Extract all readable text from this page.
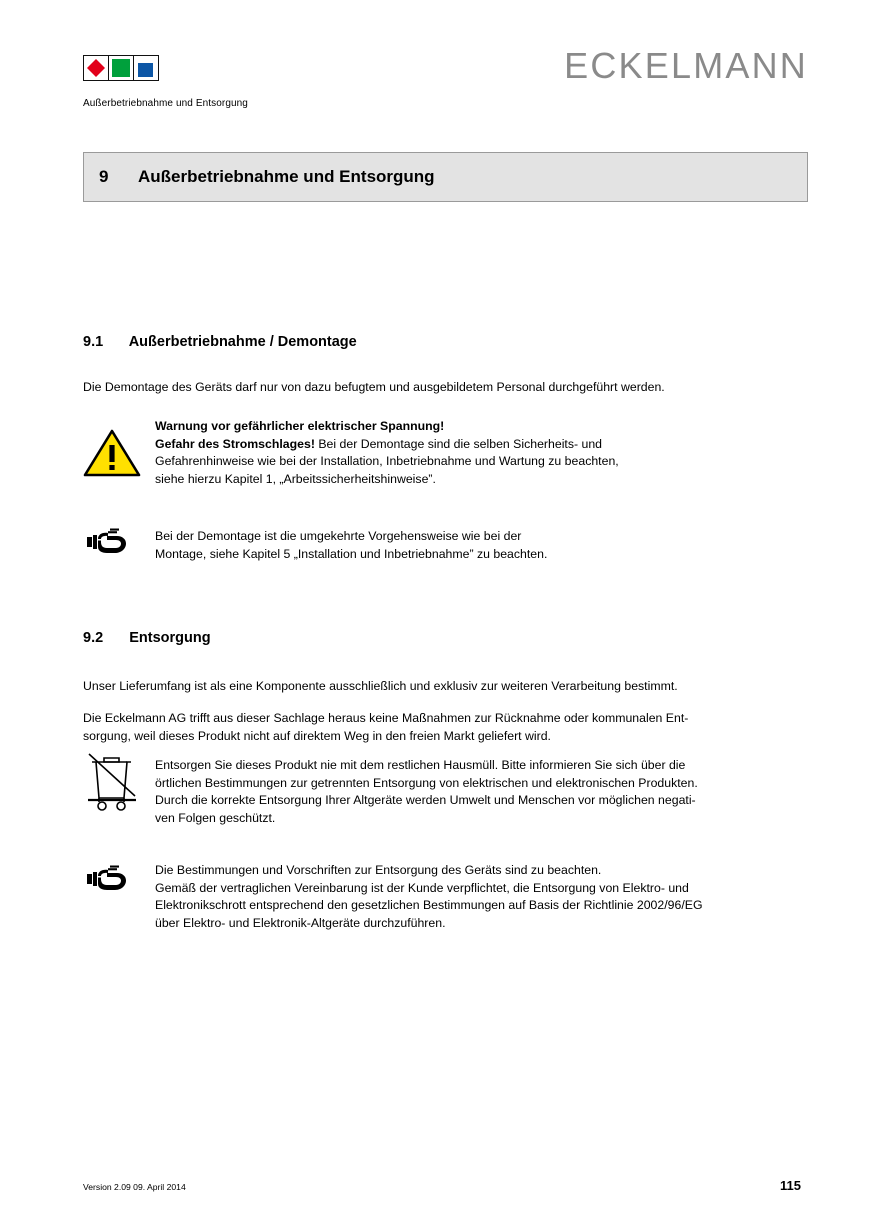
ECKELMANN
Außerbetriebnahme und Entsorgung
9 Außerbetriebnahme und Entsorgung
9.1 Außerbetriebnahme / Demontage
Die Demontage des Geräts darf nur von dazu befugtem und ausgebildetem Personal durchgeführt werden.
Warnung vor gefährlicher elektrischer Spannung!
Gefahr des Stromschlages! Bei der Demontage sind die selben Sicherheits- und
Gefahrenhinweise wie bei der Installation, Inbetriebnahme und Wartung zu beachten,
siehe hierzu Kapitel 1, „Arbeitssicherheitshinweise”.
Bei der Demontage ist die umgekehrte Vorgehensweise wie bei der
Montage, siehe Kapitel 5 „Installation und Inbetriebnahme” zu beachten.
9.2 Entsorgung
Unser Lieferumfang ist als eine Komponente ausschließlich und exklusiv zur weiteren Verarbeitung bestimmt.
Die Eckelmann AG trifft aus dieser Sachlage heraus keine Maßnahmen zur Rücknahme oder kommunalen Ent-
sorgung, weil dieses Produkt nicht auf direktem Weg in den freien Markt geliefert wird.
Entsorgen Sie dieses Produkt nie mit dem restlichen Hausmüll. Bitte informieren Sie sich über die
örtlichen Bestimmungen zur getrennten Entsorgung von elektrischen und elektronischen Produkten.
Durch die korrekte Entsorgung Ihrer Altgeräte werden Umwelt und Menschen vor möglichen negati-
ven Folgen geschützt.
Die Bestimmungen und Vorschriften zur Entsorgung des Geräts sind zu beachten.
Gemäß der vertraglichen Vereinbarung ist der Kunde verpflichtet, die Entsorgung von Elektro- und
Elektronikschrott entsprechend den gesetzlichen Bestimmungen auf Basis der Richtlinie 2002/96/EG
über Elektro- und Elektronik-Altgeräte durchzuführen.
Version 2.09 09. April 2014	115
